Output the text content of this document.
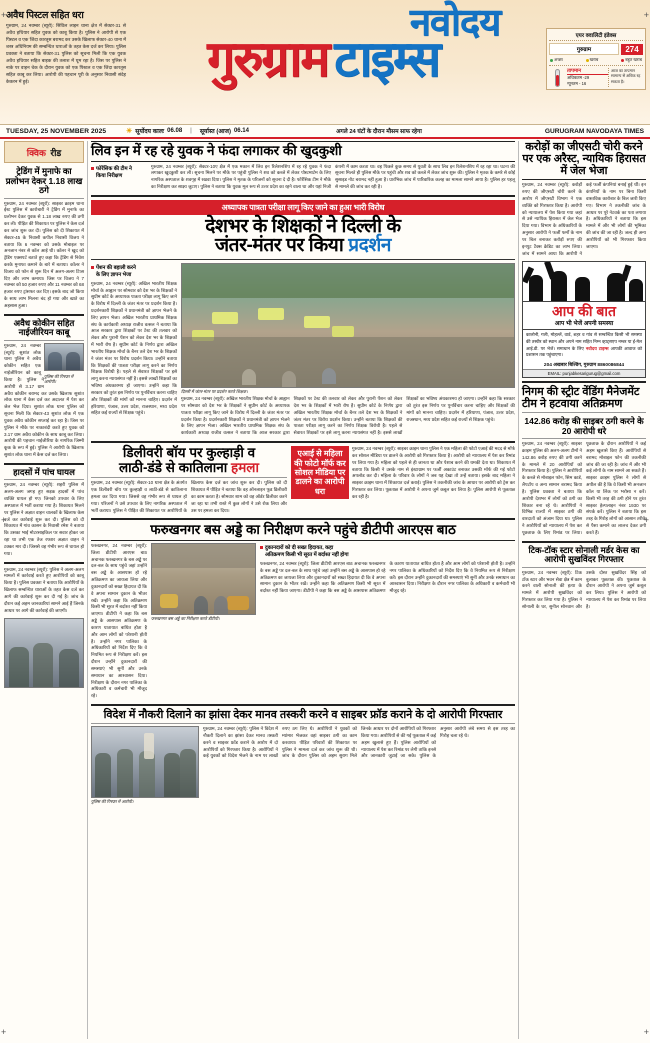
अवैध पिस्टल सहित धरा

गुरुग्राम, 24 नवम्बर (ब्यूरो): सिविल लाइन थाना क्षेत्र में सेक्टर-31 से अवैध हथियार सहित युवक को काबू किया है। पुलिस ने आरोपी से एक पिस्टल व एक जिंदा कारतूस बरामद कर उसके खिलाफ सेक्टर-40 थाना में शस्त्र अधिनियम की सम्बन्धित धाराओं के तहत केस दर्ज कर लिया। पुलिस प्रवक्ता ने बताया कि सेक्टर-31 पुलिस को सूचना मिली कि एक युवक अवैध हथियार सहित बाइक की तलाश में घूम रहा है। जिस पर पुलिस ने नाके पर वाहन चेक के दौरान युवक को एक पिस्टल व एक जिंदा कारतूस सहित काबू कर लिया। आरोपी की पहचान पूरी के अनुसार निवासी संदेह केकरन में हुई।

नवोदय
गुरुग्राम टाइम्स	एयर क्वालिटी इंडेक्स
गुरुग्राम	274
अच्छा	खराब	बहुत खराब
तापमान
अधिकतम -29
न्यूनतम - 16
आज का तापमान सामान्य से अधिक रह सकता है।
TUESDAY, 25 NOVEMBER 2025	☀ सूर्योदय कालः 06.08 | सूर्यास्त (आज) 06.14	अगले 24 घंटों के दौरान मौसम साफ रहेगा	GURUGRAM NAVODAYA TIMES
क्विक रीड
ट्रेडिंग में मुनाफे का प्रलोभन देकर 1.18 लाख ठगे
गुरुग्राम, 24 नवम्बर (ब्यूरो): साइबर क्राइम थाना ईस्ट पुलिस में कारोबारी ने ट्रेडिंग में मुनाफे का प्रलोभन देकर युवक से 1.18 लाख रुपए की ठगी कर ली। पीड़ित की शिकायत पर पुलिस ने केस दर्ज कर जांच शुरू कर दी। पुलिस को दी शिकायत में सेक्टर-45 के निवासी कपील निवासी विजय ने बताया कि 6 नवम्बर को उसके मोबाइल पर अनजान नंबर से कॉल आई थी। कॉलर ने खुद को ट्रेडिंग एक्सपर्ट बताते हुए कहा कि ट्रेडिंग से निवेश करके मुनाफा कमाने के बारे में बताया। कॉलर ने विजय को फोन से शुरू दिन में अलग-अलग टिप्स दिए और लाभ कमाया। जिस पर विजय ने 7 नवम्बर को 50 हजार रुपए और 11 नवम्बर को 68 हजार रुपए ट्रांसफर कर दिए। इसके बाद जो किया के साथ लाभ मिलना बंद हो गया और खाते का अहसास हुआ।
अवैध कोकीन सहित नाईजीरियन काबू
पुलिस की गिरफ्त में आरोपी।
गुरुग्राम, 24 नवम्बर (ब्यूरो): सुशांत लोक थाना पुलिस ने अवैध कोकीन सहित एक नाईजीरियन को काबू किया है। पुलिस ने आरोपी से 3.17 ग्राम अवैध कोकीन बरामद कर उसके खिलाफ सुशांत लोक थाना में केस दर्ज कर अदालत में पेश कर जेल भेज दिया। सुशांत लोक थाना पुलिस को सूचना मिली कि सेक्टर-43 सुशांत लोक में एक युवक अवैध कोकीन सप्लाई कर रहा है। जिस पर पुलिस ने मौके पर नाकाबंदी करते हुए युवक को 3.17 ग्राम अवैध कोकीन के साथ काबू कर लिया। आरोपी की पहचान नाईजीरिया के नागरिक जिम्मी कूक के रूप में हुई। पुलिस ने आरोपी के खिलाफ सुशांत लोक थाना में केस दर्ज कर लिया।
हादसों में पांच घायल
गुरुग्राम, 24 नवम्बर (ब्यूरो): शहरी पुलिस में अलग-अलग जगह हुए सड़क हादसों में पांच व्यक्ति घायल हो गए। जिनको उपचार के लिए अस्पताल में भर्ती कराया गया है। शिकायत मिलने पर पुलिस ने अज्ञात वाहन चालकों के खिलाफ केस दर्ज कर कार्रवाई शुरू कर दी। पुलिस को दी शिकायत में गांव कासन के निवासी रमेश ने बताया कि उसका भाई मोटरसाइकिल पर सवार होकर जा रहा था तभी एक तेज रफ्तार अज्ञात वाहन ने टक्कर मार दी। जिससे वह गंभीर रूप से घायल हो गया।
गुरुग्राम, 24 नवम्बर (ब्यूरो): पुलिस ने अलग-अलग मामलों में कार्रवाई करते हुए आरोपियों को काबू किया है। पुलिस प्रवक्ता ने बताया कि आरोपियों के खिलाफ सम्बन्धित धाराओं के तहत केस दर्ज कर आगे की कार्रवाई शुरू कर दी गई है। जांच के दौरान कई अहम जानकारियां सामने आई हैं जिनके आधार पर आगे की कार्रवाई की जाएगी।
लिव इन में रह रहे युवक ने फंदा लगाकर की खुदकुशी
फोरेंसिक की टीम ने
किया निरीक्षण
गुरुग्राम, 24 नवम्बर (ब्यूरो): सेक्टर-10ए क्षेत्र में एक मकान में लिव इन रिलेशनशिप में रह रहे युवक ने फंदा लगाकर खुदकुशी कर ली। सूचना मिलने पर मौके पर पहुंची पुलिस ने शव को कब्जे में लेकर पोस्टमार्टम के लिए नागरिक अस्पताल के शवगृह में रखवा दिया। पुलिस ने मृतक के परिजनों को सूचना दे दी है। फोरेंसिक टीम ने मौके का निरीक्षण कर साक्ष्य जुटाए। पुलिस ने बताया कि युवक मूल रूप से उत्तर प्रदेश का रहने वाला था और यहां निजी कंपनी में काम करता था। वह पिछले कुछ समय से युवती के साथ लिव इन रिलेशनशिप में रह रहा था। घटना की सूचना मिलते ही पुलिस मौके पर पहुंची और शव को कब्जे में लेकर जांच शुरू की। पुलिस ने मृतक के कमरे से कोई सुसाइड नोट बरामद नहीं हुआ है। प्रारंभिक जांच में पारिवारिक कलह का मामला सामने आया है। पुलिस हर पहलू से मामले की जांच कर रही है।
अध्यापक पात्रता परीक्षा लागू किए जाने का हुआ भारी विरोध
देशभर के शिक्षकों ने दिल्ली के
जंतर-मंतर पर किया प्रदर्शन
पेंशन की बहाली करने
के लिए ज्ञापन भेजा
गुरुग्राम, 24 नवम्बर (ब्यूरो): अखिल भारतीय शिक्षक मोर्चा के आह्वान पर सोमवार को देश भर के शिक्षकों ने सुप्रीम कोर्ट के अध्यापक पात्रता परीक्षा लागू किए जाने के विरोध में दिल्ली के जंतर मंतर पर प्रदर्शन किया है। प्रदर्शनकारी शिक्षकों ने प्रधानमंत्री को ज्ञापन भेजने के लिए ज्ञापन भेजा। अखिल भारतीय प्राथमिक शिक्षक संघ के कार्यकारी अध्यक्ष राजीव वत्सल ने बताया कि आज सरकार द्वारा शिक्षकों पर टेस्ट की तलवार को लेकर और पुरानी पेंशन को लेकर देश भर के शिक्षकों में भारी रोष है। सुप्रीम कोर्ट के निर्णय द्वारा अखिल भारतीय शिक्षक मोर्चा के बैनर तले देश भर के शिक्षकों ने जंतर मंतर पर विरोध प्रदर्शन किया। उन्होंने बताया कि शिक्षकों की पात्रता परीक्षा लागू करने का निर्णय शिक्षक विरोधी है। पहले से सेवारत शिक्षकों पर इसे लागू करना न्यायसंगत नहीं है। इससे लाखों शिक्षकों का भविष्य अंधकारमय हो जाएगा। उन्होंने कहा कि सरकार को तुरंत इस निर्णय पर पुनर्विचार करना चाहिए और शिक्षकों की मांगों को मानना चाहिए। प्रदर्शन में हरियाणा, पंजाब, उत्तर प्रदेश, राजस्थान, मध्य प्रदेश सहित कई राज्यों से शिक्षक पहुंचे।
दिल्ली में जंतर-मंतर पर प्रदर्शन करते शिक्षक।
गुरुग्राम, 24 नवम्बर (ब्यूरो): अखिल भारतीय शिक्षक मोर्चा के आह्वान पर सोमवार को देश भर के शिक्षकों ने सुप्रीम कोर्ट के अध्यापक पात्रता परीक्षा लागू किए जाने के विरोध में दिल्ली के जंतर मंतर पर प्रदर्शन किया है। प्रदर्शनकारी शिक्षकों ने प्रधानमंत्री को ज्ञापन भेजने के लिए ज्ञापन भेजा। अखिल भारतीय प्राथमिक शिक्षक संघ के कार्यकारी अध्यक्ष राजीव वत्सल ने बताया कि आज सरकार द्वारा शिक्षकों पर टेस्ट की तलवार को लेकर और पुरानी पेंशन को लेकर देश भर के शिक्षकों में भारी रोष है। सुप्रीम कोर्ट के निर्णय द्वारा अखिल भारतीय शिक्षक मोर्चा के बैनर तले देश भर के शिक्षकों ने जंतर मंतर पर विरोध प्रदर्शन किया। उन्होंने बताया कि शिक्षकों की पात्रता परीक्षा लागू करने का निर्णय शिक्षक विरोधी है। पहले से सेवारत शिक्षकों पर इसे लागू करना न्यायसंगत नहीं है। इससे लाखों शिक्षकों का भविष्य अंधकारमय हो जाएगा। उन्होंने कहा कि सरकार को तुरंत इस निर्णय पर पुनर्विचार करना चाहिए और शिक्षकों की मांगों को मानना चाहिए। प्रदर्शन में हरियाणा, पंजाब, उत्तर प्रदेश, राजस्थान, मध्य प्रदेश सहित कई राज्यों से शिक्षक पहुंचे।
डिलीवरी बॉय पर कुल्हाड़ी व
लाठी-डंडे से कातिलाना हमला
गुरुग्राम, 24 नवम्बर (ब्यूरो): सेक्टर-10 थाना क्षेत्र के अंतर्गत एक डिलीवरी बॉय पर कुल्हाड़ी व लाठी-डंडे से कातिलाना हमला कर दिया गया। जिससे वह गंभीर रूप से घायल हो गया। परिजनों ने उसे उपचार के लिए नागरिक अस्पताल में भर्ती कराया। पुलिस ने पीड़ित की शिकायत पर आरोपियों के खिलाफ केस दर्ज कर जांच शुरू कर दी। पुलिस को दी शिकायत में पीड़ित ने बताया कि वह ऑनलाइन फूड डिलीवरी का काम करता है। सोमवार शाम को वह ऑर्डर डिलीवर करने जा रहा था तभी रास्ते में कुछ लोगों ने उसे रोक लिया और उस पर हमला कर दिया।
एआई से महिला की फोटो मॉर्फ कर सोशल मीडिया पर डालने का आरोपी धरा
गुरुग्राम, 24 नवम्बर (ब्यूरो): साइबर क्राइम थाना पुलिस ने एक महिला की फोटो एआई की मदद से मॉर्फ कर सोशल मीडिया पर डालने के आरोपी को गिरफ्तार किया है। आरोपी को न्यायालय में पेश कर रिमांड पर लिया गया है। महिला को पहले से ही जानता था और पेशाब करने की धमकी देता था। शिकायत में बताया कि किसी ने उसके नाम से इंस्टाग्राम पर फर्जी अकाउंट बनाकर उसकी मॉर्फ की गई फोटो अपलोड कर दी। महिला के परिवार के लोगों ने जब यह देखा तो उन्हें बताया। इसके बाद महिला ने साइबर क्राइम थाना में शिकायत दर्ज कराई। पुलिस ने तकनीकी जांच के आधार पर आरोपी को ट्रेस कर गिरफ्तार कर लिया। पूछताछ में आरोपी ने अपना जुर्म कबूल कर लिया है। पुलिस आरोपी से पूछताछ कर रही है।
फरुखनगर बस अड्डे का निरीक्षण करने पहुंचे डीटीपी आरएस बाठ
फरुखनगर, 24 नवम्बर (ब्यूरो): जिला डीटीपी आरएस बाठ अचानक फरुखनगर के बस अड्डे पर दल-बल के साथ पहुंचे जहां उन्होंने बस अड्डे के आसपास हो रहे अतिक्रमण का जायजा लिया और दुकानदारों को सख्त हिदायत दी कि वे अपना सामान दुकान के भीतर रखें। उन्होंने कहा कि अतिक्रमण किसी भी सूरत में बर्दाश्त नहीं किया जाएगा। डीटीपी ने कहा कि बस अड्डे के आसपास अतिक्रमण के कारण यातायात बाधित होता है और आम लोगों को परेशानी होती है। उन्होंने नगर पालिका के अधिकारियों को निर्देश दिए कि वे नियमित रूप से निरीक्षण करें। इस दौरान उन्होंने दुकानदारों की समस्याएं भी सुनीं और उनके समाधान का आश्वासन दिया। निरीक्षण के दौरान नगर पालिका के अधिकारी व कर्मचारी भी मौजूद रहे।
फरुखनगर बस अड्डे का निरीक्षण करते डीटीपी।
दुकानदारों को दी सख्त हिदायत, कहा
अतिक्रमण किसी भी सूरत में बर्दाश्त नहीं होगा
फरुखनगर, 24 नवम्बर (ब्यूरो): जिला डीटीपी आरएस बाठ अचानक फरुखनगर के बस अड्डे पर दल-बल के साथ पहुंचे जहां उन्होंने बस अड्डे के आसपास हो रहे अतिक्रमण का जायजा लिया और दुकानदारों को सख्त हिदायत दी कि वे अपना सामान दुकान के भीतर रखें। उन्होंने कहा कि अतिक्रमण किसी भी सूरत में बर्दाश्त नहीं किया जाएगा। डीटीपी ने कहा कि बस अड्डे के आसपास अतिक्रमण के कारण यातायात बाधित होता है और आम लोगों को परेशानी होती है। उन्होंने नगर पालिका के अधिकारियों को निर्देश दिए कि वे नियमित रूप से निरीक्षण करें। इस दौरान उन्होंने दुकानदारों की समस्याएं भी सुनीं और उनके समाधान का आश्वासन दिया। निरीक्षण के दौरान नगर पालिका के अधिकारी व कर्मचारी भी मौजूद रहे।
विदेश में नौकरी दिलाने का झांसा देकर मानव तस्करी करने व साइबर फ्रॉड कराने के दो आरोपी गिरफ्तार
पुलिस की गिरफ्त में आरोपी।
गुरुग्राम, 24 नवम्बर (ब्यूरो): पुलिस ने विदेश में नौकरी दिलाने का झांसा देकर मानव तस्करी करने व साइबर फ्रॉड कराने के आरोप में दो आरोपियों को गिरफ्तार किया है। आरोपियों ने कई युवकों को विदेश भेजने के नाम पर लाखों रुपए ठग लिए थे। आरोपियों ने युवकों को म्यांमार भेजकर वहां साइबर ठगी का काम करवाया। पीड़ित परिवारों की शिकायत पर पुलिस ने मामला दर्ज कर जांच शुरू की थी। जांच के दौरान पुलिस को अहम सुराग मिले जिनके आधार पर दोनों आरोपियों को गिरफ्तार किया गया। आरोपियों से की गई पूछताछ में कई अहम खुलासे हुए हैं। पुलिस आरोपियों को न्यायालय में पेश कर रिमांड पर लेगी ताकि इनसे और जानकारी जुटाई जा सके। पुलिस के अनुसार आरोपी लंबे समय से इस तरह का गिरोह चला रहे थे।
करोड़ों का जीएसटी चोरी करने पर एक अरैस्ट, न्यायिक हिरासत में जेल भेजा
गुरुग्राम, 24 नवम्बर (ब्यूरो): करोड़ों रुपए की जीएसटी चोरी करने के आरोप में जीएसटी विभाग ने एक व्यक्ति को गिरफ्तार किया है। आरोपी को न्यायालय में पेश किया गया जहां से उसे न्यायिक हिरासत में जेल भेज दिया गया। विभाग के अधिकारियों के अनुसार आरोपी ने फर्जी फर्मों के नाम पर बिल बनाकर करोड़ों रुपए की इनपुट टैक्स क्रेडिट का लाभ लिया। जांच में सामने आया कि आरोपी ने कई फर्जी कंपनियां बनाई हुई थीं। इन कंपनियों के नाम पर बिना किसी वास्तविक कारोबार के बिल जारी किए गए। विभाग ने तकनीकी जांच के आधार पर पूरे नेटवर्क का पता लगाया है। अधिकारियों ने बताया कि इस मामले में और भी लोगों की भूमिका की जांच की जा रही है। जल्द ही अन्य आरोपियों को भी गिरफ्तार किया जाएगा।
आप की बात
आप भी भेजें अपनी समस्या
कालोनी, गली, मोहल्लें, वार्ड, शहर व गांव से सम्बन्धित किसी भी समस्या की तस्वीर को स्थान और अपने नाम सहित निम्न व्हाट्सएप नम्बर या ई-मेल आई.डी. पर भेजें। समाधान के लिए नवोदय टाइम्स आपकी आवाज को प्रशासन तक पहुंचाएगा।
204 अखबार बिल्डिंग, गुरुग्राम 8860086844
EMAIL: punjabkesarigurug@gmail.com
निगम की स्ट्रीट वेंडिंग मैनेजमेंट
टीम ने हटवाया अतिक्रमण
142.86 करोड़ की साइबर ठगी करने के 20 आरोपी धरे
गुरुग्राम, 24 नवम्बर (ब्यूरो): साइबर क्राइम पुलिस की अलग-अलग टीमों ने 142.86 करोड़ रुपए की ठगी करने के मामले में 20 आरोपियों को गिरफ्तार किया है। पुलिस ने आरोपियों के कब्जे से मोबाइल फोन, सिम कार्ड, लैपटॉप व अन्य सामान बरामद किया है। पुलिस प्रवक्ता ने बताया कि आरोपी देशभर में लोगों को ठगी का शिकार बना रहे थे। आरोपियों ने विभिन्न राज्यों में साइबर ठगी की वारदातों को अंजाम दिया था। पुलिस ने आरोपियों को न्यायालय में पेश कर पूछताछ के लिए रिमांड पर लिया। पूछताछ के दौरान आरोपियों ने कई अहम खुलासे किए हैं। आरोपियों से बरामद मोबाइल फोन की तकनीकी जांच की जा रही है। जांच में और भी कई लोगों के नाम सामने आ सकते हैं। साइबर क्राइम पुलिस ने लोगों से अपील की है कि वे किसी भी अनजान कॉल या लिंक पर भरोसा न करें। किसी भी तरह की ठगी होने पर तुरंत साइबर हेल्पलाइन नंबर 1930 पर संपर्क करें। पुलिस ने बताया कि इस तरह के गिरोह लोगों को आसान तरीके से पैसा कमाने का लालच देकर ठगी करते हैं।
टिक-टॉक स्टार सोनाली मर्डर केस का आरोपी सुखविंदर गिरफ्तार
गुरुग्राम, 24 नवम्बर (ब्यूरो): टिक टॉक स्टार और भवन सेवा क्षेत्र में काम करने वाली सोनाली की हत्या के मामले में आरोपी सुखविंदर को गिरफ्तार कर लिया गया है। पुलिस ने सोनाली के घर, सुनील सोनवान और उसके दोस्त सुखविंदर सिंह को बुलाकर पूछताछ की। पूछताछ के दौरान आरोपी ने अपना जुर्म कबूल कर लिया। पुलिस ने आरोपी को न्यायालय में पेश कर रिमांड पर लिया है।
+	+
+	+
+	+
